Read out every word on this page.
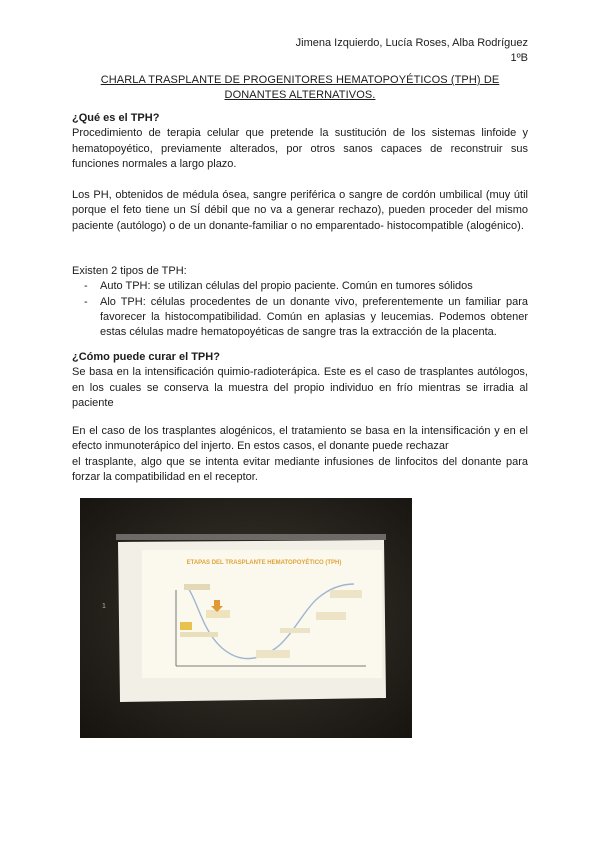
Jimena Izquierdo, Lucía Roses, Alba Rodríguez
1ºB
CHARLA TRASPLANTE DE PROGENITORES HEMATOPOYÉTICOS (TPH) DE
DONANTES ALTERNATIVOS.
¿Qué es el TPH?
Procedimiento de terapia celular que pretende la sustitución de los sistemas linfoide y hematopoyético, previamente alterados, por otros sanos capaces de reconstruir sus funciones normales a largo plazo.
Los PH, obtenidos de médula ósea, sangre periférica o sangre de cordón umbilical (muy útil porque el feto tiene un SÍ débil que no va a generar rechazo), pueden proceder del mismo paciente (autólogo) o de un donante-familiar o no emparentado- histocompatible (alogénico).
Existen 2 tipos de TPH:
- Auto TPH: se utilizan células del propio paciente. Común en tumores sólidos
- Alo TPH: células procedentes de un donante vivo, preferentemente un familiar para favorecer la histocompatibilidad. Común en aplasias y leucemias. Podemos obtener estas células madre hematopoyéticas de sangre tras la extracción de la placenta.
¿Cómo puede curar el TPH?
Se basa en la intensificación quimio-radioterápica. Este es el caso de trasplantes autólogos, en los cuales se conserva la muestra del propio individuo en frío mientras se irradia al paciente
En el caso de los trasplantes alogénicos, el tratamiento se basa en la intensificación y en el efecto inmunoterápico del injerto. En estos casos, el donante puede rechazar
el trasplante, algo que se intenta evitar mediante infusiones de linfocitos del donante para forzar la compatibilidad en el receptor.
ETAPAS DEL TRASPLANTE HEMATOPOYÉTICO (TPH)
1
